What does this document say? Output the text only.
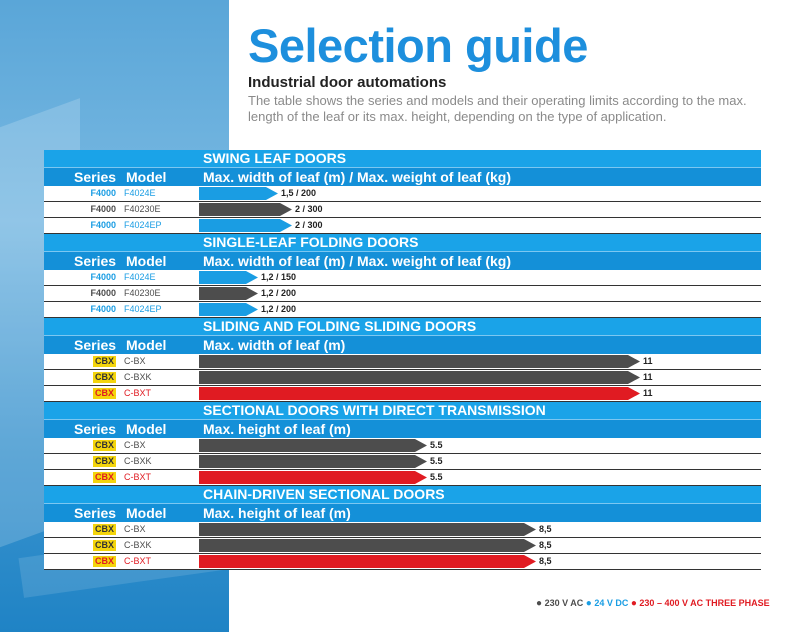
Selection guide
Industrial door automations
The table shows the series and models and their operating limits according to the max. length of the leaf or its max. height, depending on the type of application.
SWING LEAF DOORS
Series Model	Max. width of leaf (m) / Max. weight of leaf (kg)
F4000 F4024E	1,5 / 200
F4000 F40230E	2 / 300
F4000 F4024EP	2 / 300
SINGLE-LEAF FOLDING DOORS
Series Model	Max. width of leaf (m) / Max. weight of leaf (kg)
F4000 F4024E	1,2 / 150
F4000 F40230E	1,2 / 200
F4000 F4024EP	1,2 / 200
SLIDING AND FOLDING SLIDING DOORS
Series Model	Max. width of leaf (m)
CBX C-BX	11
CBX C-BXK	11
CBX C-BXT	11
SECTIONAL DOORS WITH DIRECT TRANSMISSION
Series Model	Max. height of leaf (m)
CBX C-BX	5.5
CBX C-BXK	5.5
CBX C-BXT	5.5
CHAIN-DRIVEN SECTIONAL DOORS
Series Model	Max. height of leaf (m)
CBX C-BX	8,5
CBX C-BXK	8,5
CBX C-BXT	8,5
● 230 V AC ● 24 V DC ● 230 – 400 V AC THREE PHASE
